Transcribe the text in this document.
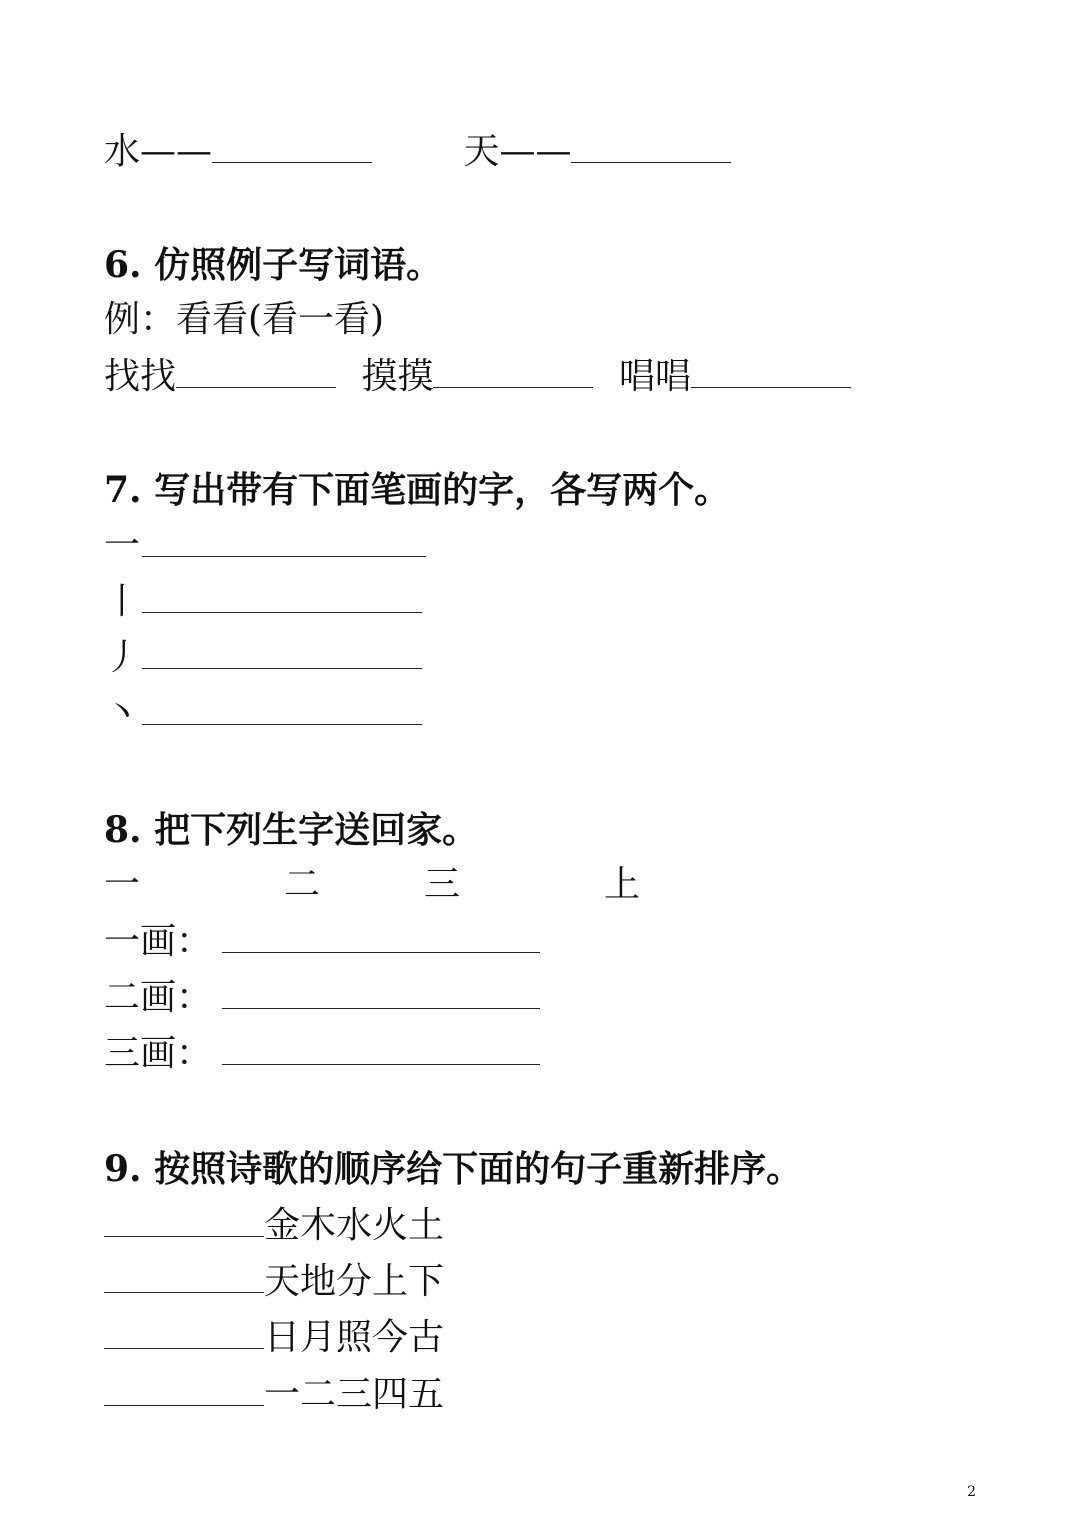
水——	天——
6. 仿照例子写词语。
例：看看(看一看)
找找	摸摸	唱唱
7. 写出带有下面笔画的字，各写两个。
一
丨
丿
丶
8. 把下列生字送回家。
一	二	三	上
一画：
二画：
三画：
9. 按照诗歌的顺序给下面的句子重新排序。
金木水火土
天地分上下
日月照今古
一二三四五
2
